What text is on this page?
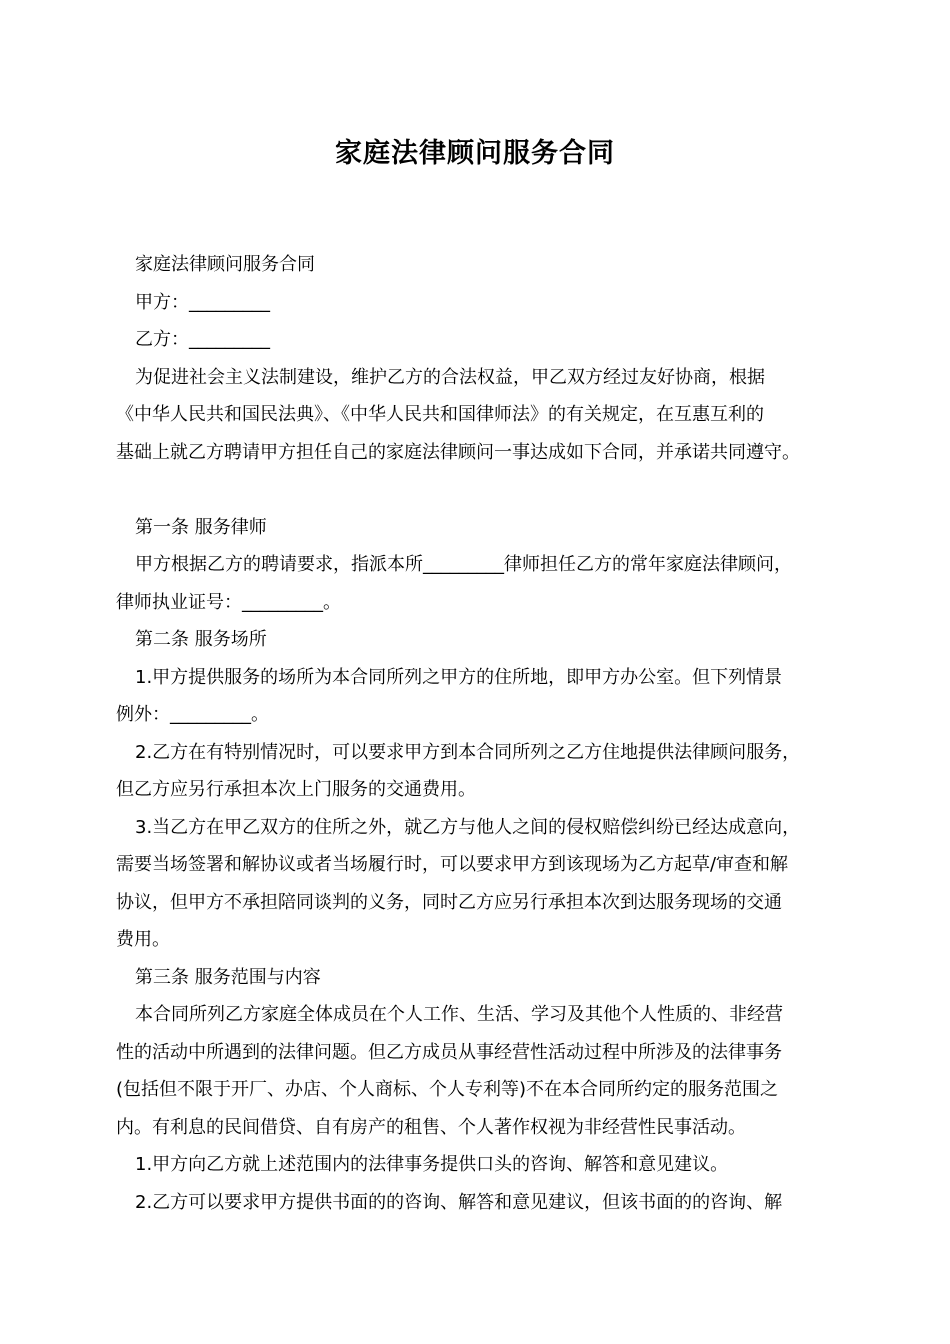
家庭法律顾问服务合同
家庭法律顾问服务合同
甲方：_________
乙方：_________
为促进社会主义法制建设，维护乙方的合法权益，甲乙双方经过友好协商，根据
《中华人民共和国民法典》、《中华人民共和国律师法》的有关规定，在互惠互利的
基础上就乙方聘请甲方担任自己的家庭法律顾问一事达成如下合同，并承诺共同遵守。
第一条 服务律师
甲方根据乙方的聘请要求，指派本所_________律师担任乙方的常年家庭法律顾问，
律师执业证号：_________。
第二条 服务场所
1.甲方提供服务的场所为本合同所列之甲方的住所地，即甲方办公室。但下列情景
例外：_________。
2.乙方在有特别情况时，可以要求甲方到本合同所列之乙方住地提供法律顾问服务，
但乙方应另行承担本次上门服务的交通费用。
3.当乙方在甲乙双方的住所之外，就乙方与他人之间的侵权赔偿纠纷已经达成意向，
需要当场签署和解协议或者当场履行时，可以要求甲方到该现场为乙方起草/审查和解
协议，但甲方不承担陪同谈判的义务，同时乙方应另行承担本次到达服务现场的交通
费用。
第三条 服务范围与内容
本合同所列乙方家庭全体成员在个人工作、生活、学习及其他个人性质的、非经营
性的活动中所遇到的法律问题。但乙方成员从事经营性活动过程中所涉及的法律事务
(包括但不限于开厂、办店、个人商标、个人专利等)不在本合同所约定的服务范围之
内。有利息的民间借贷、自有房产的租售、个人著作权视为非经营性民事活动。
1.甲方向乙方就上述范围内的法律事务提供口头的咨询、解答和意见建议。
2.乙方可以要求甲方提供书面的的咨询、解答和意见建议，但该书面的的咨询、解
